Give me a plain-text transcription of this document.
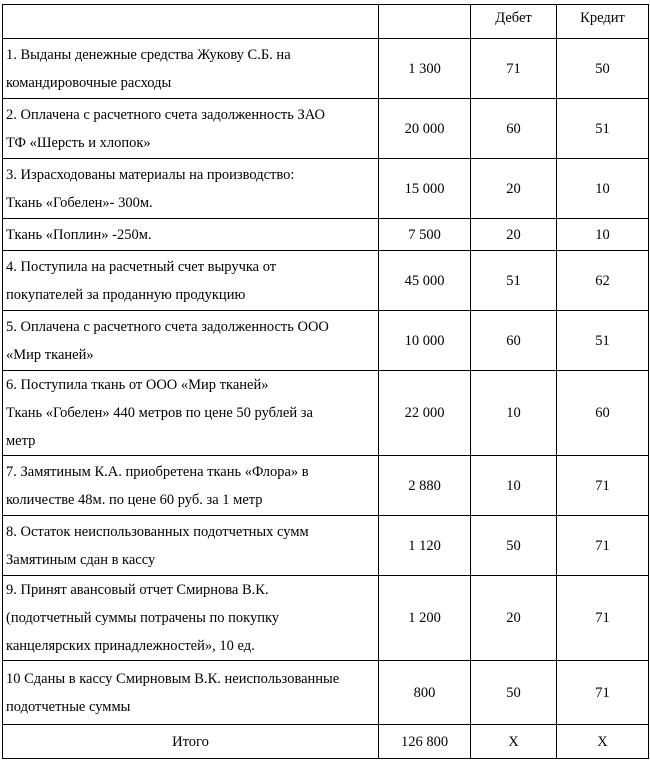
		Дебет	Кредит

1. Выданы денежные средства Жукову С.Б. на
командировочные расходы	1 300	71	50

2. Оплачена с расчетного счета задолженность ЗАО
ТФ «Шерсть и хлопок»	20 000	60	51

3. Израсходованы материалы на производство:
Ткань «Гобелен»- 300м.	15 000	20	10

Ткань «Поплин» -250м.	7 500	20	10

4. Поступила на расчетный счет выручка от
покупателей за проданную продукцию	45 000	51	62

5. Оплачена с расчетного счета задолженность ООО
«Мир тканей»	10 000	60	51

6. Поступила ткань от ООО «Мир тканей»
Ткань «Гобелен» 440 метров по цене 50 рублей за
метр	22 000	10	60

7. Замятиным К.А. приобретена ткань «Флора» в
количестве 48м. по цене 60 руб. за 1 метр	2 880	10	71

8. Остаток неиспользованных подотчетных сумм
Замятиным сдан в кассу	1 120	50	71

9. Принят авансовый отчет Смирнова В.К.
(подотчетный суммы потрачены по покупку
канцелярских принадлежностей», 10 ед.	1 200	20	71

10 Сданы в кассу Смирновым В.К. неиспользованные
подотчетные суммы	800	50	71
Итого	126 800	Х	Х
